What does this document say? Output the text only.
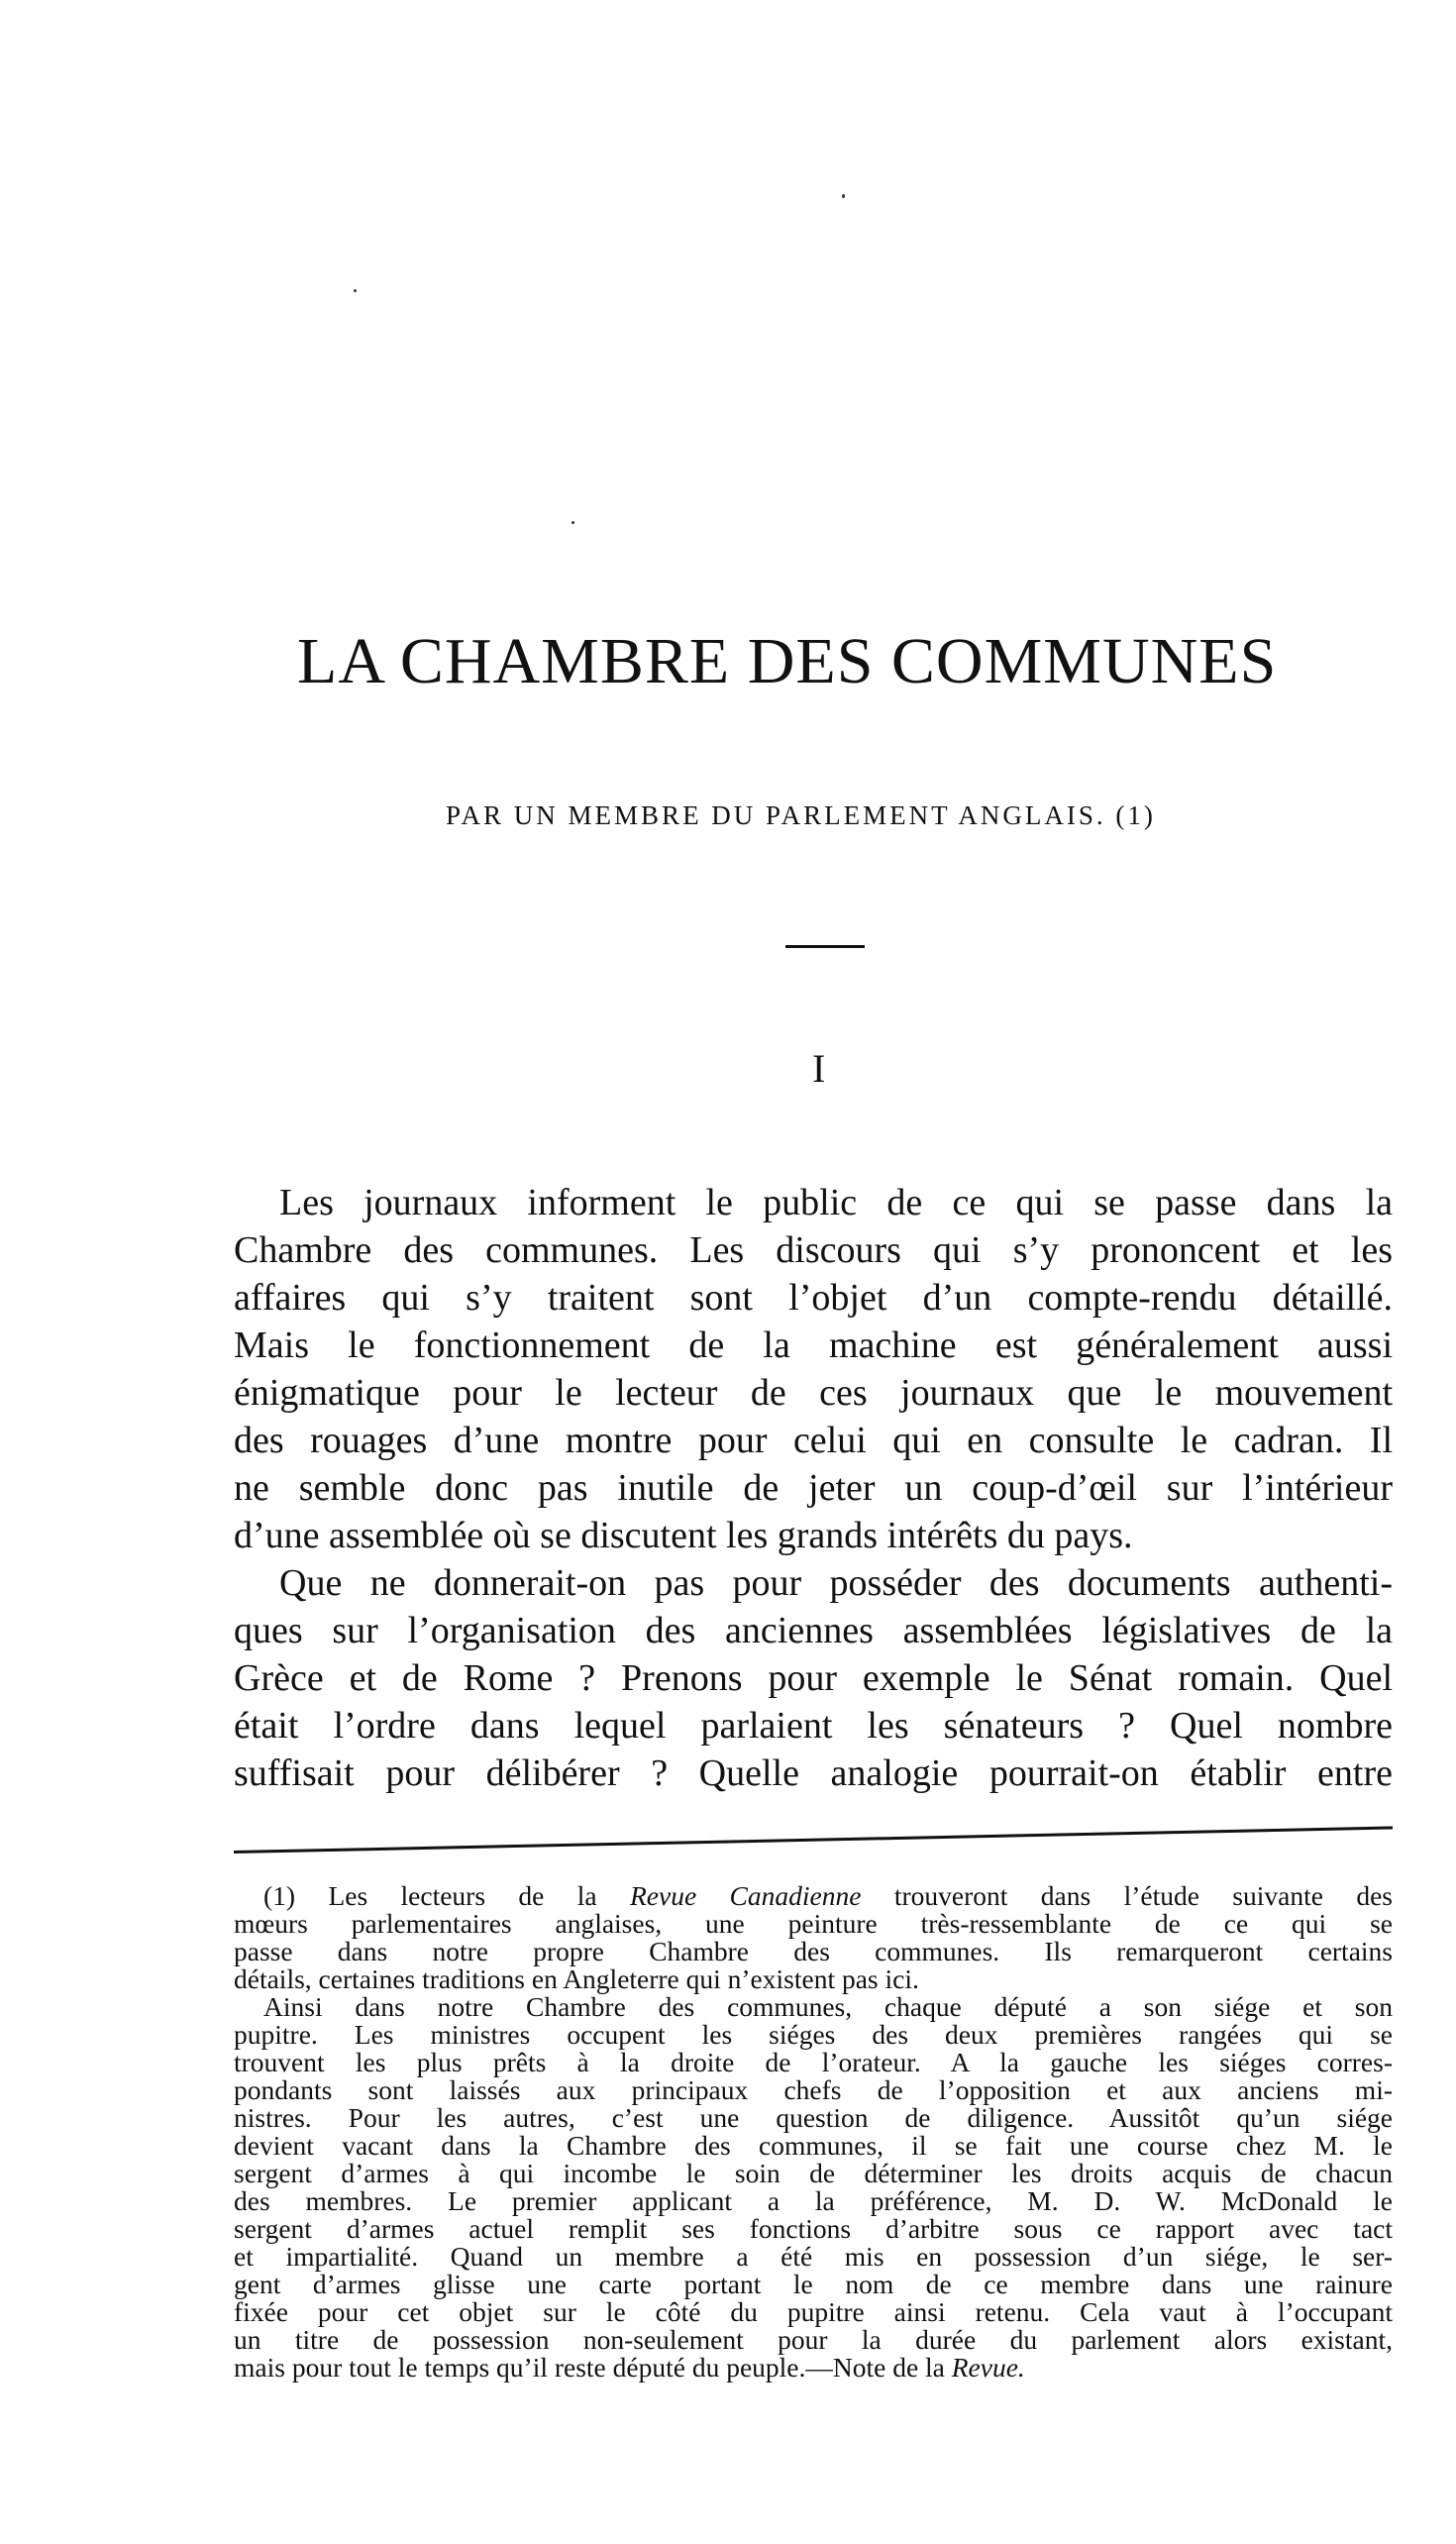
LA CHAMBRE DES COMMUNES
PAR UN MEMBRE DU PARLEMENT ANGLAIS. (1)
I
Les journaux informent le public de ce qui se passe dans la
Chambre des communes. Les discours qui s’y prononcent et les
affaires qui s’y traitent sont l’objet d’un compte-rendu détaillé.
Mais le fonctionnement de la machine est généralement aussi
énigmatique pour le lecteur de ces journaux que le mouvement
des rouages d’une montre pour celui qui en consulte le cadran. Il
ne semble donc pas inutile de jeter un coup-d’œil sur l’intérieur
d’une assemblée où se discutent les grands intérêts du pays.
Que ne donnerait-on pas pour posséder des documents authenti-
ques sur l’organisation des anciennes assemblées législatives de la
Grèce et de Rome ? Prenons pour exemple le Sénat romain. Quel
était l’ordre dans lequel parlaient les sénateurs ? Quel nombre
suffisait pour délibérer ? Quelle analogie pourrait-on établir entre
(1) Les lecteurs de la Revue Canadienne trouveront dans l’étude suivante des
mœurs parlementaires anglaises, une peinture très-ressemblante de ce qui se
passe dans notre propre Chambre des communes. Ils remarqueront certains
détails, certaines traditions en Angleterre qui n’existent pas ici.
Ainsi dans notre Chambre des communes, chaque député a son siége et son
pupitre. Les ministres occupent les siéges des deux premières rangées qui se
trouvent les plus prêts à la droite de l’orateur. A la gauche les siéges corres-
pondants sont laissés aux principaux chefs de l’opposition et aux anciens mi-
nistres. Pour les autres, c’est une question de diligence. Aussitôt qu’un siége
devient vacant dans la Chambre des communes, il se fait une course chez M. le
sergent d’armes à qui incombe le soin de déterminer les droits acquis de chacun
des membres. Le premier applicant a la préférence, M. D. W. McDonald le
sergent d’armes actuel remplit ses fonctions d’arbitre sous ce rapport avec tact
et impartialité. Quand un membre a été mis en possession d’un siége, le ser-
gent d’armes glisse une carte portant le nom de ce membre dans une rainure
fixée pour cet objet sur le côté du pupitre ainsi retenu. Cela vaut à l’occupant
un titre de possession non-seulement pour la durée du parlement alors existant,
mais pour tout le temps qu’il reste député du peuple.—Note de la Revue.
